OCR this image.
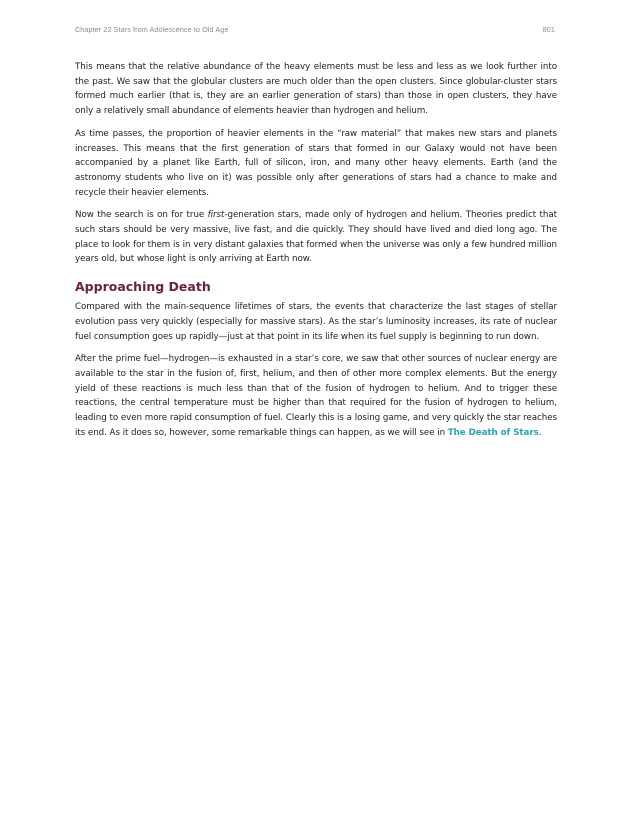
Chapter 22 Stars from Adolescence to Old Age	801

This means that the relative abundance of the heavy elements must be less and less as we look further into the past. We saw that the globular clusters are much older than the open clusters. Since globular-cluster stars formed much earlier (that is, they are an earlier generation of stars) than those in open clusters, they have only a relatively small abundance of elements heavier than hydrogen and helium.

As time passes, the proportion of heavier elements in the “raw material” that makes new stars and planets increases. This means that the first generation of stars that formed in our Galaxy would not have been accompanied by a planet like Earth, full of silicon, iron, and many other heavy elements. Earth (and the astronomy students who live on it) was possible only after generations of stars had a chance to make and recycle their heavier elements.

Now the search is on for true first-generation stars, made only of hydrogen and helium. Theories predict that such stars should be very massive, live fast, and die quickly. They should have lived and died long ago. The place to look for them is in very distant galaxies that formed when the universe was only a few hundred million years old, but whose light is only arriving at Earth now.

Approaching Death

Compared with the main-sequence lifetimes of stars, the events that characterize the last stages of stellar evolution pass very quickly (especially for massive stars). As the star’s luminosity increases, its rate of nuclear fuel consumption goes up rapidly—just at that point in its life when its fuel supply is beginning to run down.

After the prime fuel—hydrogen—is exhausted in a star’s core, we saw that other sources of nuclear energy are available to the star in the fusion of, first, helium, and then of other more complex elements. But the energy yield of these reactions is much less than that of the fusion of hydrogen to helium. And to trigger these reactions, the central temperature must be higher than that required for the fusion of hydrogen to helium, leading to even more rapid consumption of fuel. Clearly this is a losing game, and very quickly the star reaches its end. As it does so, however, some remarkable things can happen, as we will see in The Death of Stars.
